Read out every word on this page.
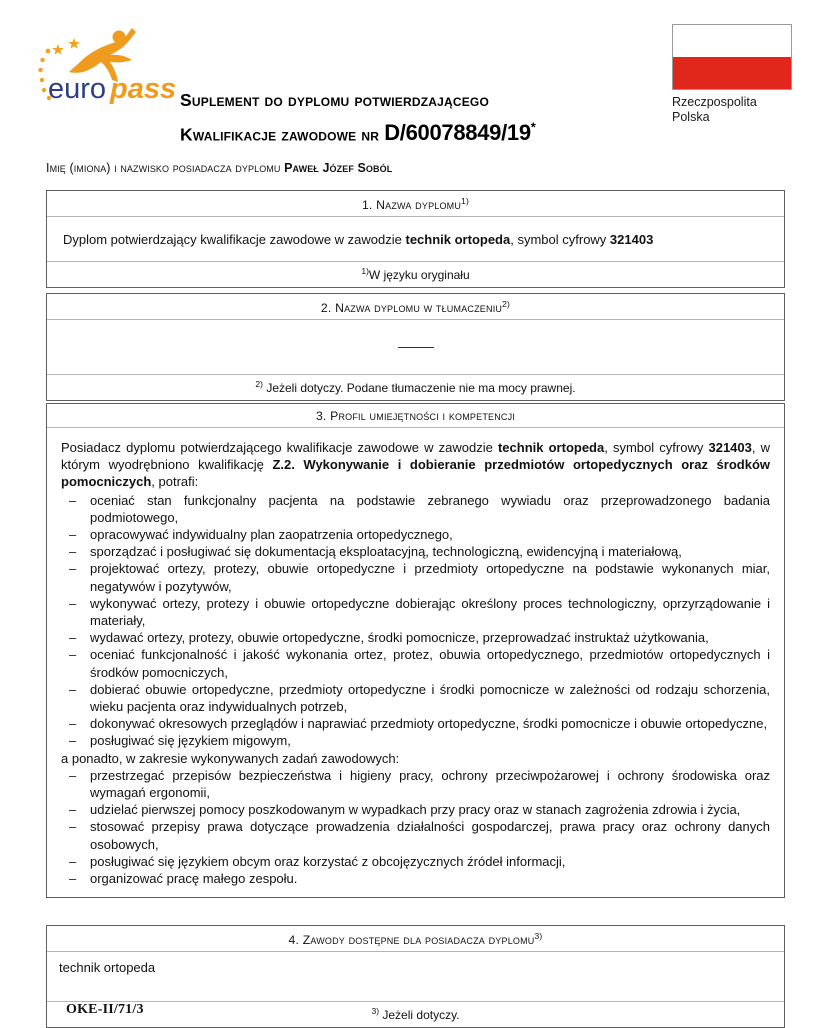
euro pass	Rzeczpospolita
Polska
Suplement do dyplomu potwierdzającego
Kwalifikacje zawodowe nr D/60078849/19*
Imię (imiona) i nazwisko posiadacza dyplomu Paweł Józef Soból
1. Nazwa dyplomu$^{1)}$
Dyplom potwierdzający kwalifikacje zawodowe w zawodzie technik ortopeda, symbol cyfrowy 321403
$^{1)}$W języku oryginału
2. Nazwa dyplomu w tłumaczeniu$^{2)}$
$^{2)}$ Jeżeli dotyczy. Podane tłumaczenie nie ma mocy prawnej.
3. Profil umiejętności i kompetencji

Posiadacz dyplomu potwierdzającego kwalifikacje zawodowe w zawodzie technik ortopeda, symbol cyfrowy 321403, w którym wyodrębniono kwalifikację Z.2. Wykonywanie i dobieranie przedmiotów ortopedycznych oraz środków pomocniczych, potrafi:

– oceniać stan funkcjonalny pacjenta na podstawie zebranego wywiadu oraz przeprowadzonego badania podmiotowego,
– opracowywać indywidualny plan zaopatrzenia ortopedycznego,
– sporządzać i posługiwać się dokumentacją eksploatacyjną, technologiczną, ewidencyjną i materiałową,
– projektować ortezy, protezy, obuwie ortopedyczne i przedmioty ortopedyczne na podstawie wykonanych miar, negatywów i pozytywów,
– wykonywać ortezy, protezy i obuwie ortopedyczne dobierając określony proces technologiczny, oprzyrządowanie i materiały,
– wydawać ortezy, protezy, obuwie ortopedyczne, środki pomocnicze, przeprowadzać instruktaż użytkowania,
– oceniać funkcjonalność i jakość wykonania ortez, protez, obuwia ortopedycznego, przedmiotów ortopedycznych i środków pomocniczych,
– dobierać obuwie ortopedyczne, przedmioty ortopedyczne i środki pomocnicze w zależności od rodzaju schorzenia, wieku pacjenta oraz indywidualnych potrzeb,
– dokonywać okresowych przeglądów i naprawiać przedmioty ortopedyczne, środki pomocnicze i obuwie ortopedyczne,
– posługiwać się językiem migowym,

a ponadto, w zakresie wykonywanych zadań zawodowych:

– przestrzegać przepisów bezpieczeństwa i higieny pracy, ochrony przeciwpożarowej i ochrony środowiska oraz wymagań ergonomii,
– udzielać pierwszej pomocy poszkodowanym w wypadkach przy pracy oraz w stanach zagrożenia zdrowia i życia,
– stosować przepisy prawa dotyczące prowadzenia działalności gospodarczej, prawa pracy oraz ochrony danych osobowych,
– posługiwać się językiem obcym oraz korzystać z obcojęzycznych źródeł informacji,
– organizować pracę małego zespołu.
4. Zawody dostępne dla posiadacza dyplomu$^{3)}$
technik ortopeda
$^{3)}$ Jeżeli dotyczy.
OKE-II/71/3
